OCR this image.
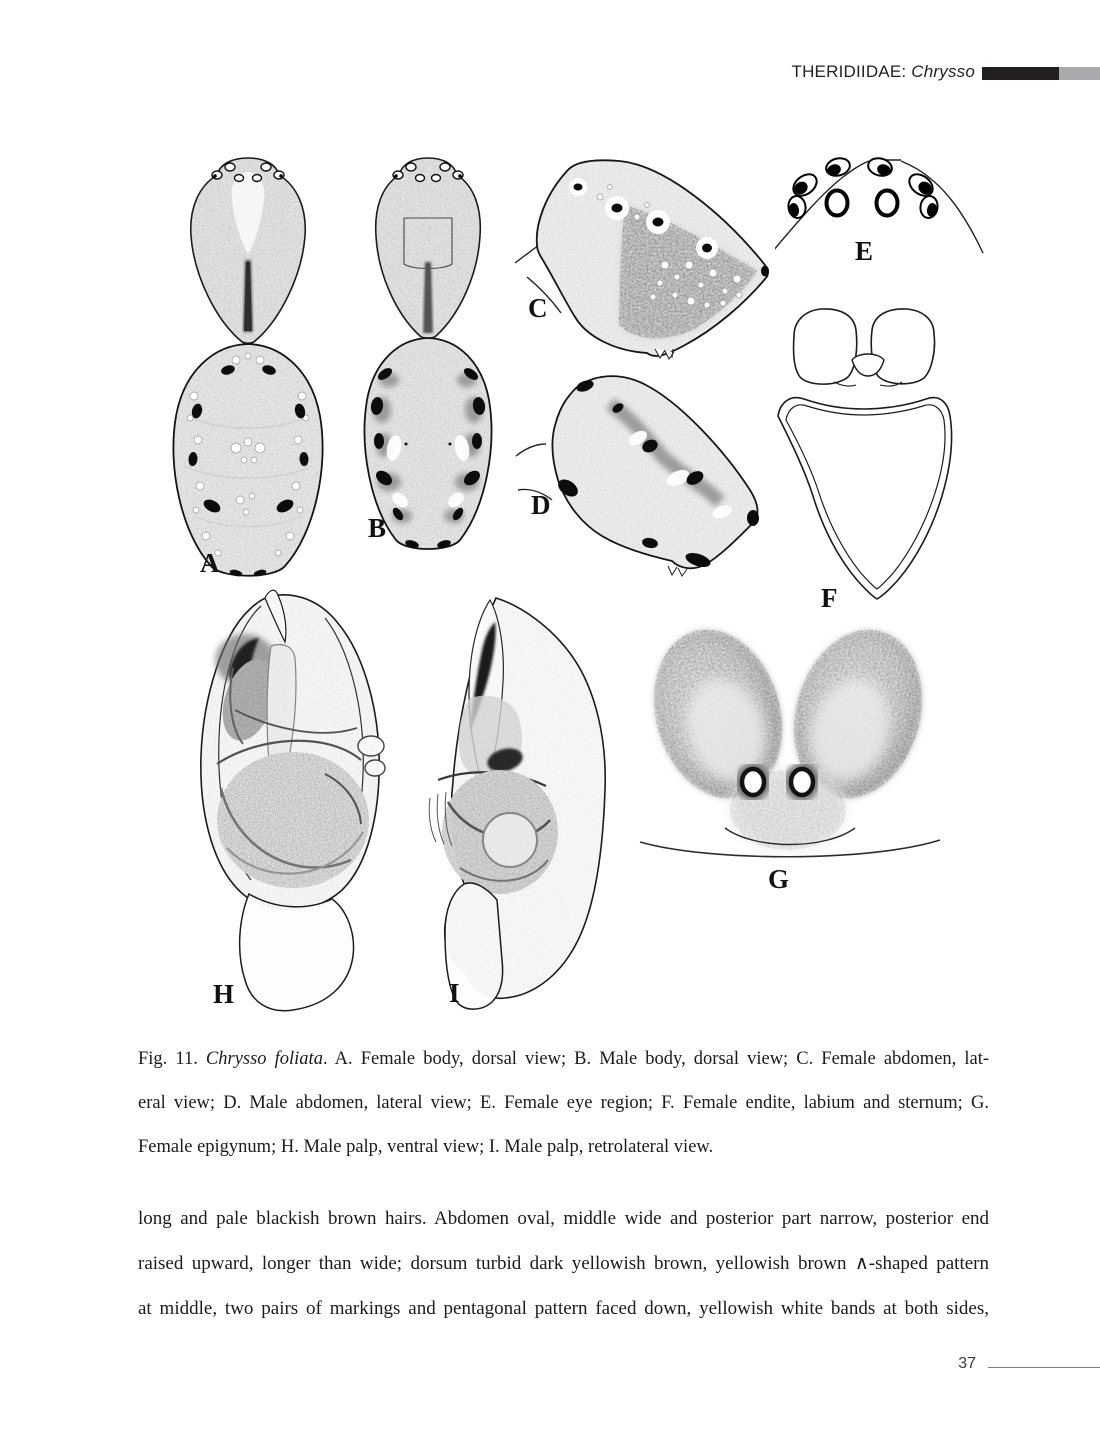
THERIDIIDAE: Chrysso
A
B
C
D
E
F
G
H	I
Fig. 11. Chrysso foliata. A. Female body, dorsal view; B. Male body, dorsal view; C. Female abdomen, lat-
eral view; D. Male abdomen, lateral view; E. Female eye region; F. Female endite, labium and sternum; G.
Female epigynum; H. Male palp, ventral view; I. Male palp, retrolateral view.
long and pale blackish brown hairs. Abdomen oval, middle wide and posterior part narrow, posterior end
raised upward, longer than wide; dorsum turbid dark yellowish brown, yellowish brown ∧-shaped pattern
at middle, two pairs of markings and pentagonal pattern faced down, yellowish white bands at both sides,
37
